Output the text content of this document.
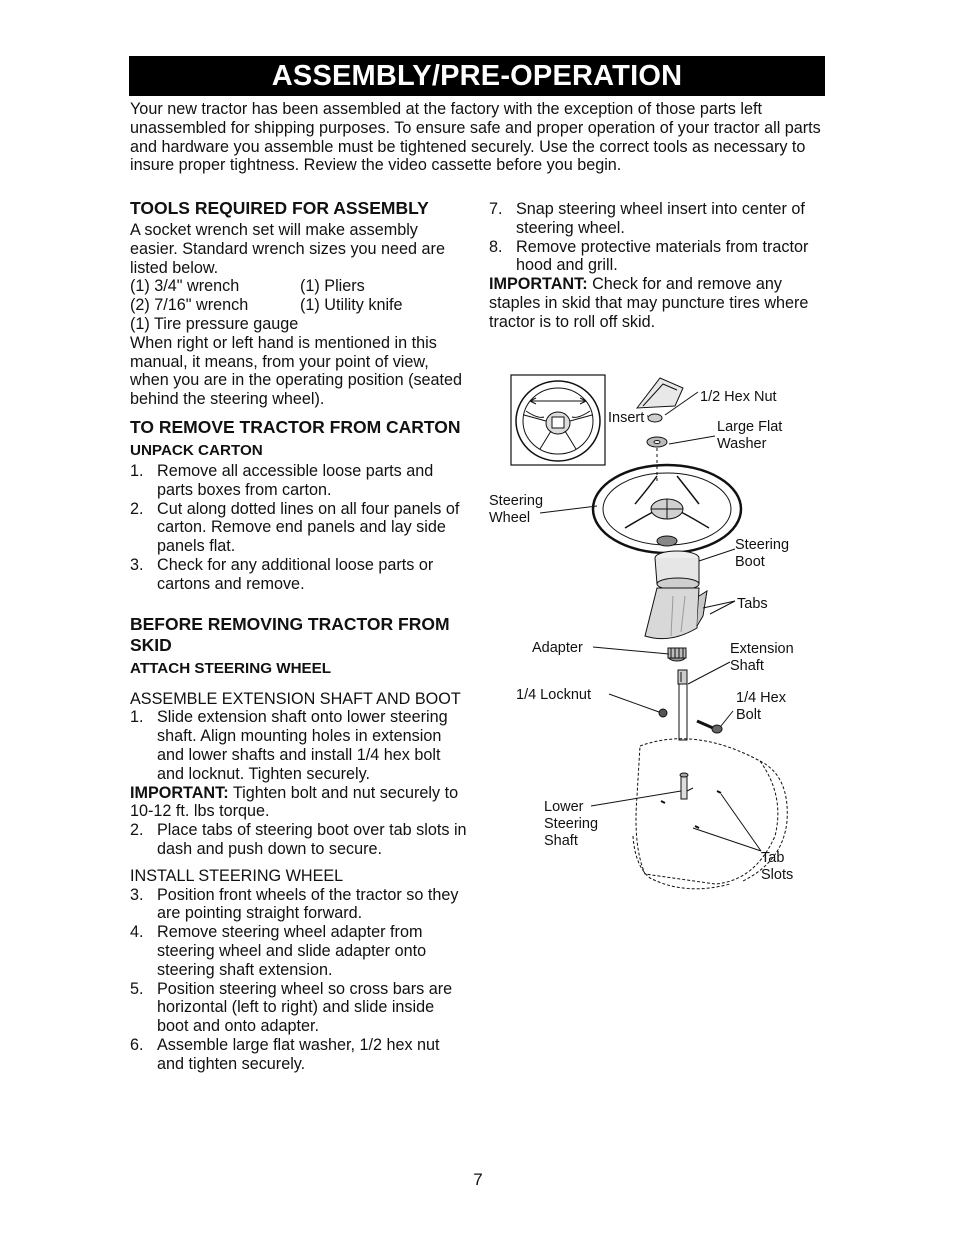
ASSEMBLY/PRE-OPERATION

Your new tractor has been assembled at the factory with the exception of those parts left unassembled for shipping purposes. To ensure safe and proper operation of your tractor all parts and hardware you assemble must be tightened securely. Use the correct tools as necessary to insure proper tightness. Review the video cassette before you begin.

TOOLS REQUIRED FOR ASSEMBLY

A socket wrench set will make assembly easier. Standard wrench sizes you need are listed below.

(1) 3/4" wrench	(1) Pliers
(2) 7/16" wrench	(1) Utility knife

(1) Tire pressure gauge

When right or left hand is mentioned in this manual, it means, from your point of view, when you are in the operating position (seated behind the steering wheel).

TO REMOVE TRACTOR FROM CARTON

UNPACK CARTON

1. Remove all accessible loose parts and parts boxes from carton.
2. Cut along dotted lines on all four panels of carton. Remove end panels and lay side panels flat.
3. Check for any additional loose parts or cartons and remove.

BEFORE REMOVING TRACTOR FROM SKID

ATTACH STEERING WHEEL

ASSEMBLE EXTENSION SHAFT AND BOOT

1. Slide extension shaft onto lower steering shaft. Align mounting holes in extension and lower shafts and install 1/4 hex bolt and locknut. Tighten securely.

IMPORTANT: Tighten bolt and nut securely to 10-12 ft. lbs torque.

2. Place tabs of steering boot over tab slots in dash and push down to secure.

INSTALL STEERING WHEEL

3. Position front wheels of the tractor so they are pointing straight forward.
4. Remove steering wheel adapter from steering wheel and slide adapter onto steering shaft extension.
5. Position steering wheel so cross bars are horizontal (left to right) and slide inside boot and onto adapter.
6. Assemble large flat washer, 1/2 hex nut and tighten securely.
7. Snap steering wheel insert into center of steering wheel.
8. Remove protective materials from tractor hood and grill.

IMPORTANT: Check for and remove any staples in skid that may puncture tires where tractor is to roll off skid.

1/2 Hex Nut
Insert
Large Flat
Washer
Steering
Wheel
Steering
Boot
Tabs
Adapter	Extension
Shaft
1/4 Locknut	1/4 Hex
Bolt
Lower
Steering
Shaft
Tab
Slots
7
